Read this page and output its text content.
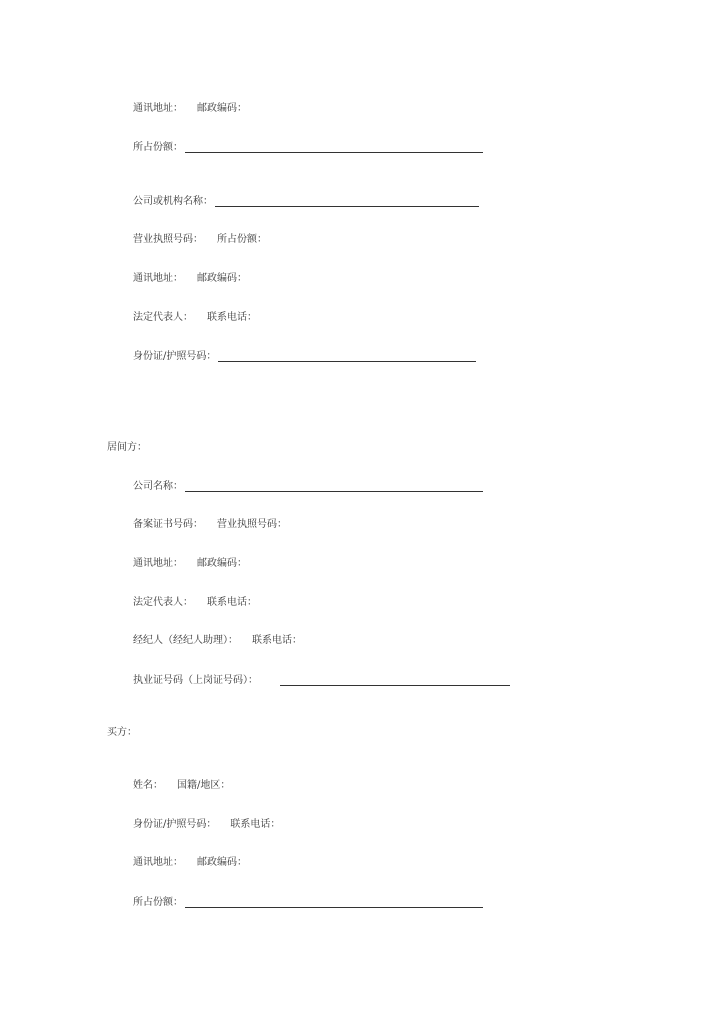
通讯地址： 邮政编码：
所占份额：
公司或机构名称：
营业执照号码： 所占份额：
通讯地址： 邮政编码：
法定代表人： 联系电话：
身份证/护照号码：
居间方：
公司名称：
备案证书号码： 营业执照号码：
通讯地址： 邮政编码：
法定代表人： 联系电话：
经纪人（经纪人助理）： 联系电话：
执业证号码（上岗证号码）：
买方：
姓名： 国籍/地区：
身份证/护照号码： 联系电话：
通讯地址： 邮政编码：
所占份额：
